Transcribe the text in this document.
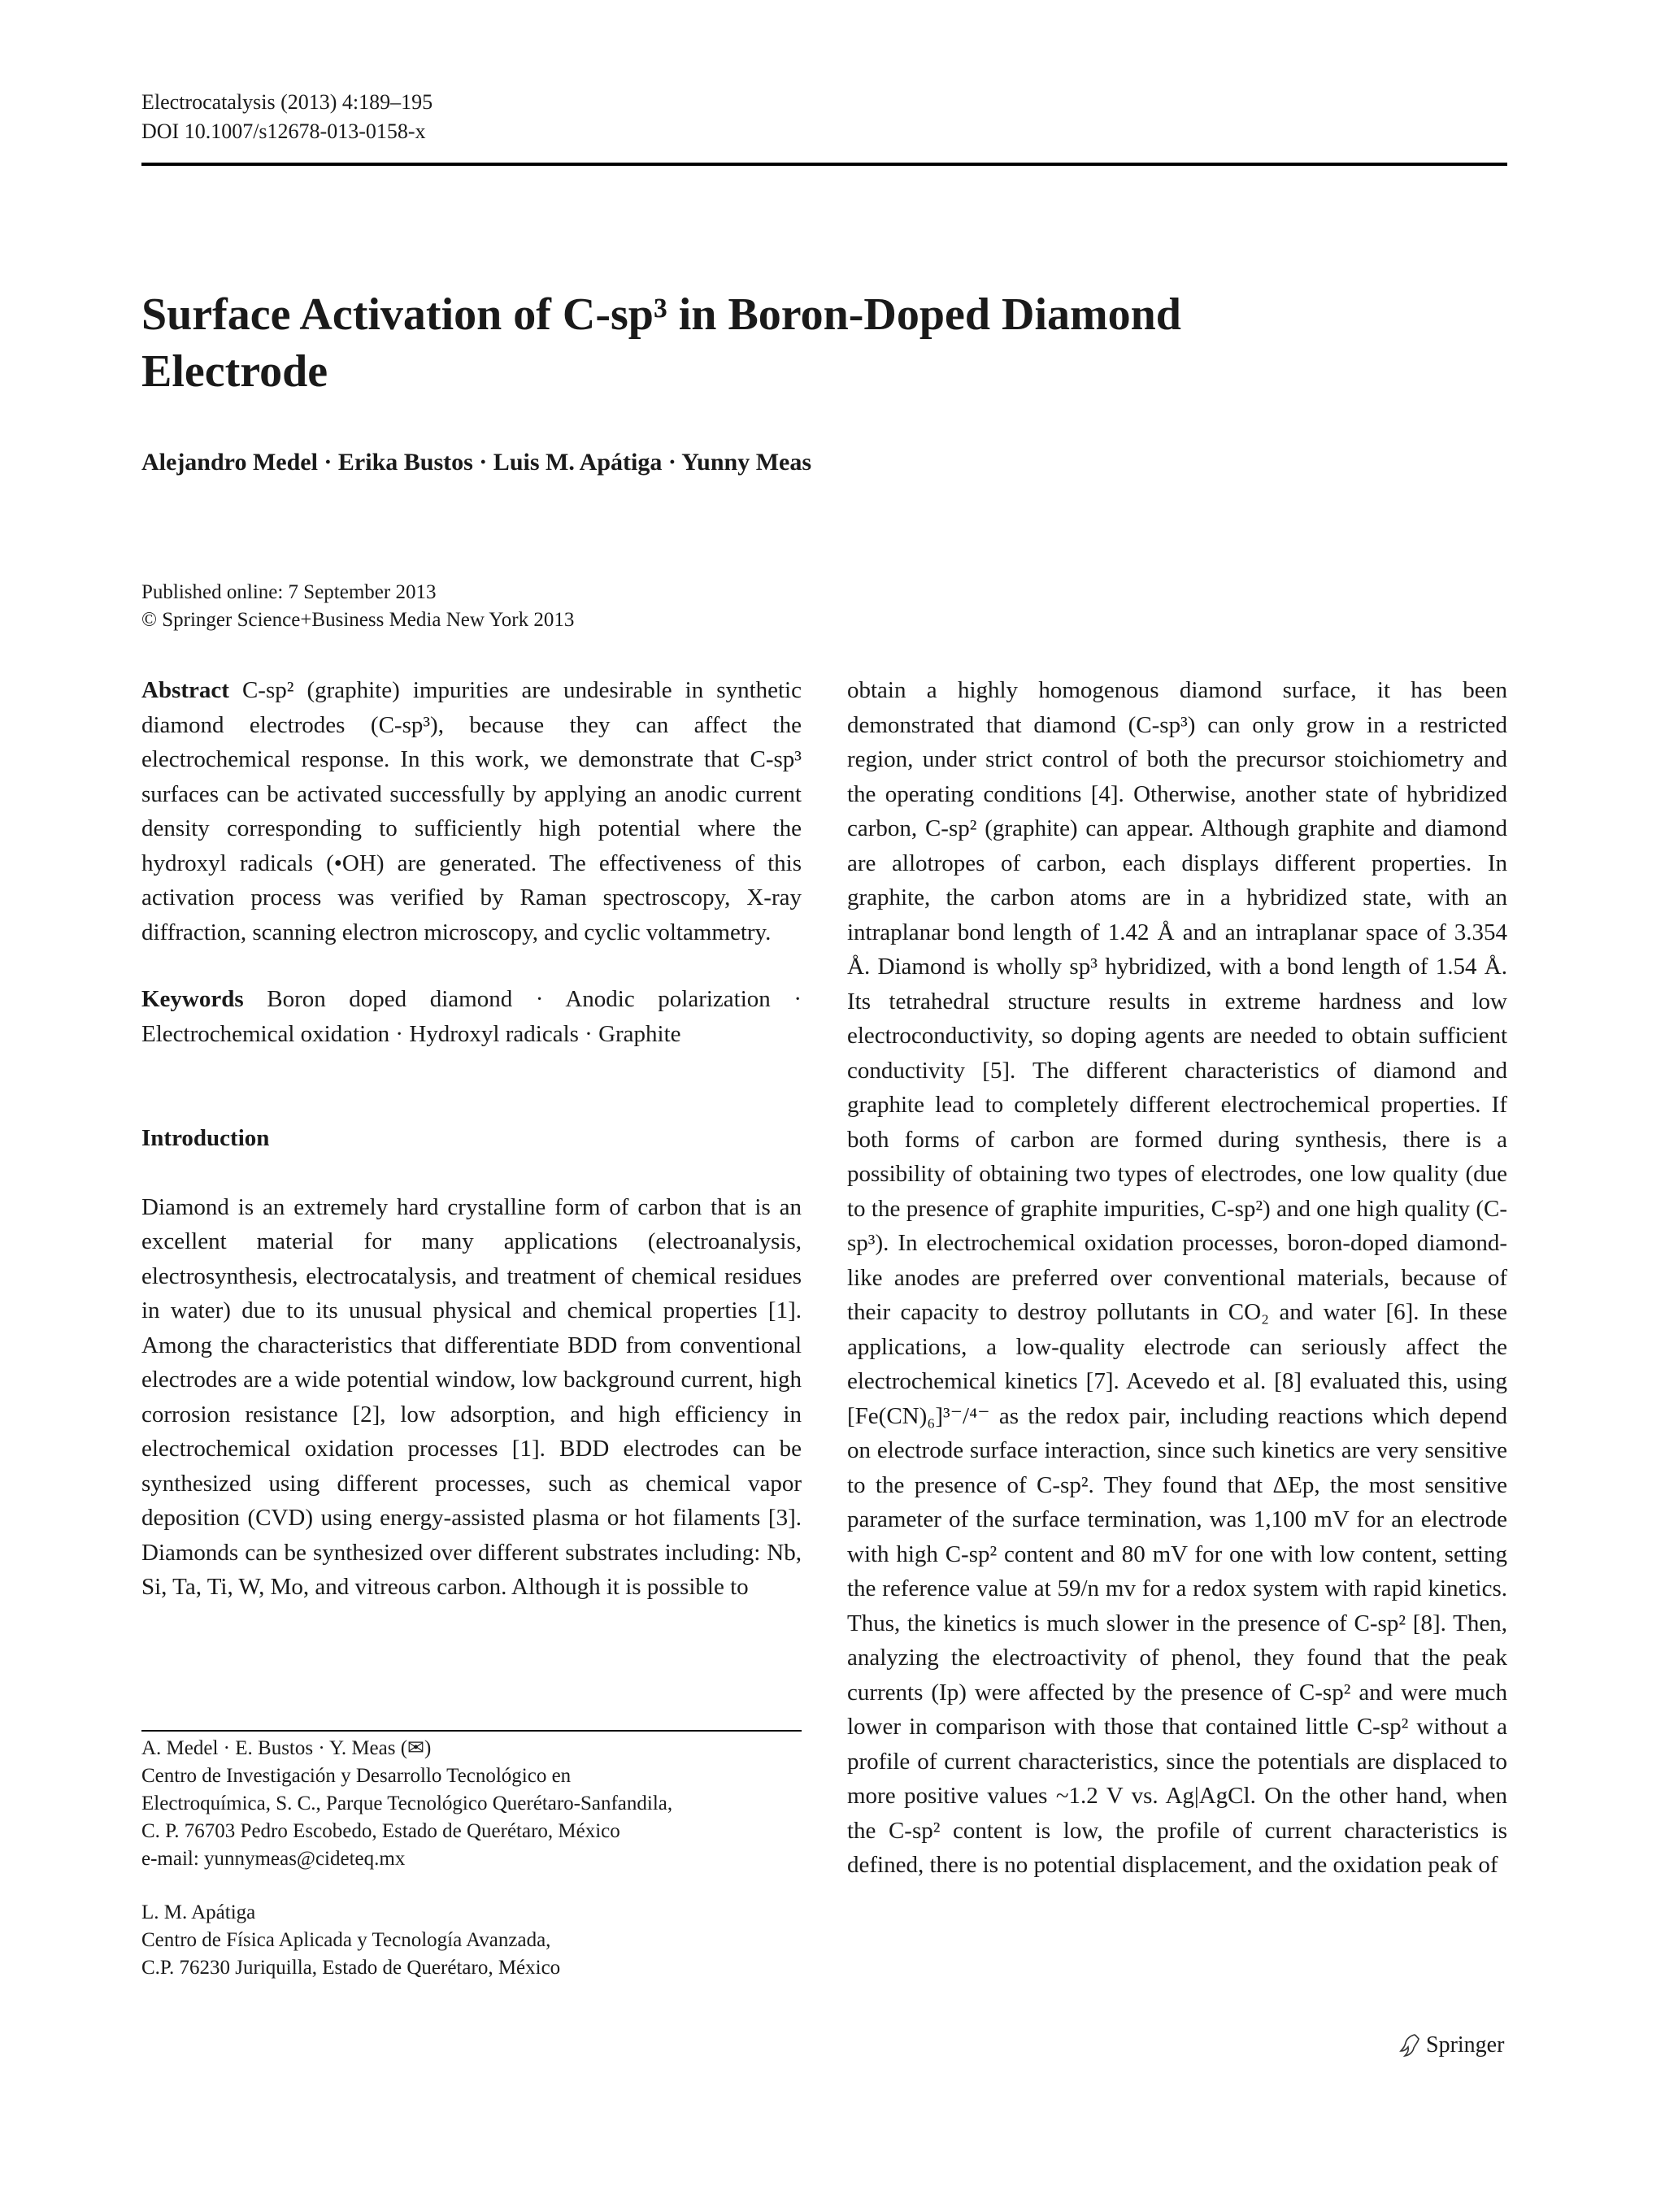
Electrocatalysis (2013) 4:189–195
DOI 10.1007/s12678-013-0158-x
Surface Activation of C-sp³ in Boron-Doped Diamond Electrode
Alejandro Medel · Erika Bustos · Luis M. Apátiga · Yunny Meas
Published online: 7 September 2013
© Springer Science+Business Media New York 2013

Abstract C-sp² (graphite) impurities are undesirable in synthetic diamond electrodes (C-sp³), because they can affect the electrochemical response. In this work, we demonstrate that C-sp³ surfaces can be activated successfully by applying an anodic current density corresponding to sufficiently high potential where the hydroxyl radicals (•OH) are generated. The effectiveness of this activation process was verified by Raman spectroscopy, X-ray diffraction, scanning electron microscopy, and cyclic voltammetry.

Keywords Boron doped diamond · Anodic polarization · Electrochemical oxidation · Hydroxyl radicals · Graphite

Introduction

Diamond is an extremely hard crystalline form of carbon that is an excellent material for many applications (electroanalysis, electrosynthesis, electrocatalysis, and treatment of chemical residues in water) due to its unusual physical and chemical properties [1]. Among the characteristics that differentiate BDD from conventional electrodes are a wide potential window, low background current, high corrosion resistance [2], low adsorption, and high efficiency in electrochemical oxidation processes [1]. BDD electrodes can be synthesized using different processes, such as chemical vapor deposition (CVD) using energy-assisted plasma or hot filaments [3]. Diamonds can be synthesized over different substrates including: Nb, Si, Ta, Ti, W, Mo, and vitreous carbon. Although it is possible to

A. Medel · E. Bustos · Y. Meas (✉)
Centro de Investigación y Desarrollo Tecnológico en
Electroquímica, S. C., Parque Tecnológico Querétaro-Sanfandila,
C. P. 76703 Pedro Escobedo, Estado de Querétaro, México
e-mail: yunnymeas@cideteq.mx
L. M. Apátiga
Centro de Física Aplicada y Tecnología Avanzada,
C.P. 76230 Juriquilla, Estado de Querétaro, México

obtain a highly homogenous diamond surface, it has been demonstrated that diamond (C-sp³) can only grow in a restricted region, under strict control of both the precursor stoichiometry and the operating conditions [4]. Otherwise, another state of hybridized carbon, C-sp² (graphite) can appear. Although graphite and diamond are allotropes of carbon, each displays different properties. In graphite, the carbon atoms are in a hybridized state, with an intraplanar bond length of 1.42 Å and an intraplanar space of 3.354 Å. Diamond is wholly sp³ hybridized, with a bond length of 1.54 Å. Its tetrahedral structure results in extreme hardness and low electroconductivity, so doping agents are needed to obtain sufficient conductivity [5]. The different characteristics of diamond and graphite lead to completely different electrochemical properties. If both forms of carbon are formed during synthesis, there is a possibility of obtaining two types of electrodes, one low quality (due to the presence of graphite impurities, C-sp²) and one high quality (C-sp³). In electrochemical oxidation processes, boron-doped diamond-like anodes are preferred over conventional materials, because of their capacity to destroy pollutants in CO₂ and water [6]. In these applications, a low-quality electrode can seriously affect the electrochemical kinetics [7]. Acevedo et al. [8] evaluated this, using [Fe(CN)₆]³⁻/⁴⁻ as the redox pair, including reactions which depend on electrode surface interaction, since such kinetics are very sensitive to the presence of C-sp². They found that ΔEp, the most sensitive parameter of the surface termination, was 1,100 mV for an electrode with high C-sp² content and 80 mV for one with low content, setting the reference value at 59/n mv for a redox system with rapid kinetics. Thus, the kinetics is much slower in the presence of C-sp² [8]. Then, analyzing the electroactivity of phenol, they found that the peak currents (Ip) were affected by the presence of C-sp² and were much lower in comparison with those that contained little C-sp² without a profile of current characteristics, since the potentials are displaced to more positive values ~1.2 V vs. Ag|AgCl. On the other hand, when the C-sp² content is low, the profile of current characteristics is defined, there is no potential displacement, and the oxidation peak of

Springer
